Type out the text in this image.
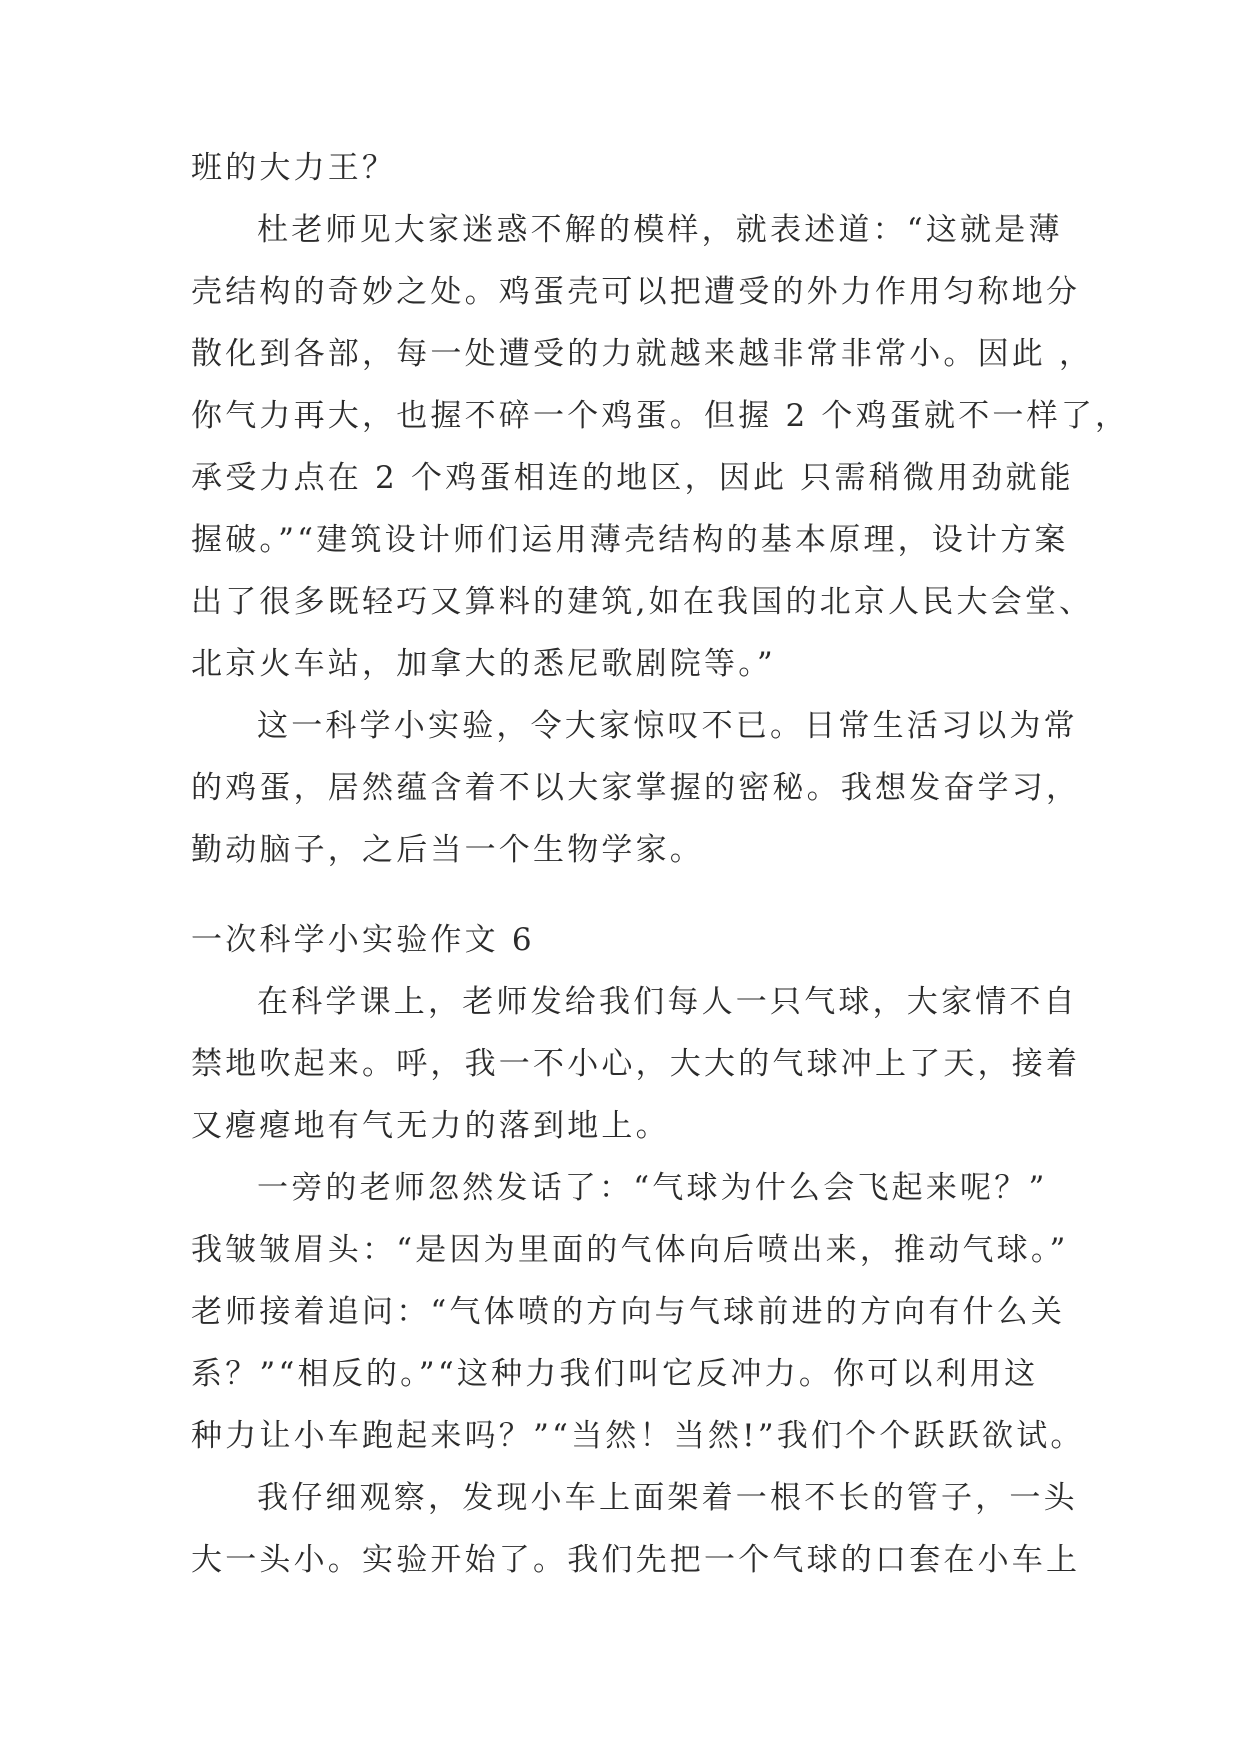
班的大力王？
杜老师见大家迷惑不解的模样，就表述道：“这就是薄
壳结构的奇妙之处。鸡蛋壳可以把遭受的外力作用匀称地分
散化到各部，每一处遭受的力就越来越非常非常小。因此 ，
你气力再大，也握不碎一个鸡蛋。但握 2 个鸡蛋就不一样了，
承受力点在 2 个鸡蛋相连的地区，因此 只需稍微用劲就能
握破。”“建筑设计师们运用薄壳结构的基本原理，设计方案
出了很多既轻巧又算料的建筑,如在我国的北京人民大会堂、
北京火车站，加拿大的悉尼歌剧院等。”
这一科学小实验，令大家惊叹不已。日常生活习以为常
的鸡蛋，居然蕴含着不以大家掌握的密秘。我想发奋学习，
勤动脑子，之后当一个生物学家。
一次科学小实验作文 6
在科学课上，老师发给我们每人一只气球，大家情不自
禁地吹起来。呼，我一不小心，大大的气球冲上了天，接着
又瘪瘪地有气无力的落到地上。
一旁的老师忽然发话了：“气球为什么会飞起来呢？”
我皱皱眉头：“是因为里面的气体向后喷出来，推动气球。”
老师接着追问：“气体喷的方向与气球前进的方向有什么关
系？”“相反的。”“这种力我们叫它反冲力。你可以利用这
种力让小车跑起来吗？”“当然！当然!”我们个个跃跃欲试。
我仔细观察，发现小车上面架着一根不长的管子，一头
大一头小。实验开始了。我们先把一个气球的口套在小车上
